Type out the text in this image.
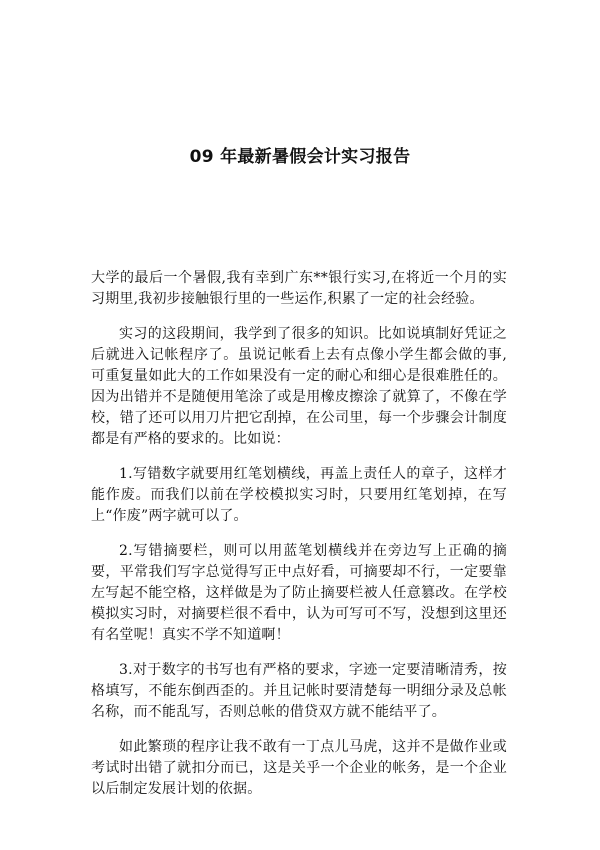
09 年最新暑假会计实习报告

大学的最后一个暑假,我有幸到广东**银行实习,在将近一个月的实习期里,我初步接触银行里的一些运作,积累了一定的社会经验。

实习的这段期间，我学到了很多的知识。比如说填制好凭证之后就进入记帐程序了。虽说记帐看上去有点像小学生都会做的事,可重复量如此大的工作如果没有一定的耐心和细心是很难胜任的。因为出错并不是随便用笔涂了或是用橡皮擦涂了就算了，不像在学校，错了还可以用刀片把它刮掉，在公司里，每一个步骤会计制度都是有严格的要求的。比如说：

1.写错数字就要用红笔划横线，再盖上责任人的章子，这样才能作废。而我们以前在学校模拟实习时，只要用红笔划掉，在写上“作废”两字就可以了。

2.写错摘要栏，则可以用蓝笔划横线并在旁边写上正确的摘要，平常我们写字总觉得写正中点好看，可摘要却不行，一定要靠左写起不能空格，这样做是为了防止摘要栏被人任意篡改。在学校模拟实习时，对摘要栏很不看中，认为可写可不写，没想到这里还有名堂呢！真实不学不知道啊！

3.对于数字的书写也有严格的要求，字迹一定要清晰清秀，按格填写，不能东倒西歪的。并且记帐时要清楚每一明细分录及总帐名称，而不能乱写，否则总帐的借贷双方就不能结平了。

如此繁琐的程序让我不敢有一丁点儿马虎，这并不是做作业或考试时出错了就扣分而已，这是关乎一个企业的帐务，是一个企业以后制定发展计划的依据。
